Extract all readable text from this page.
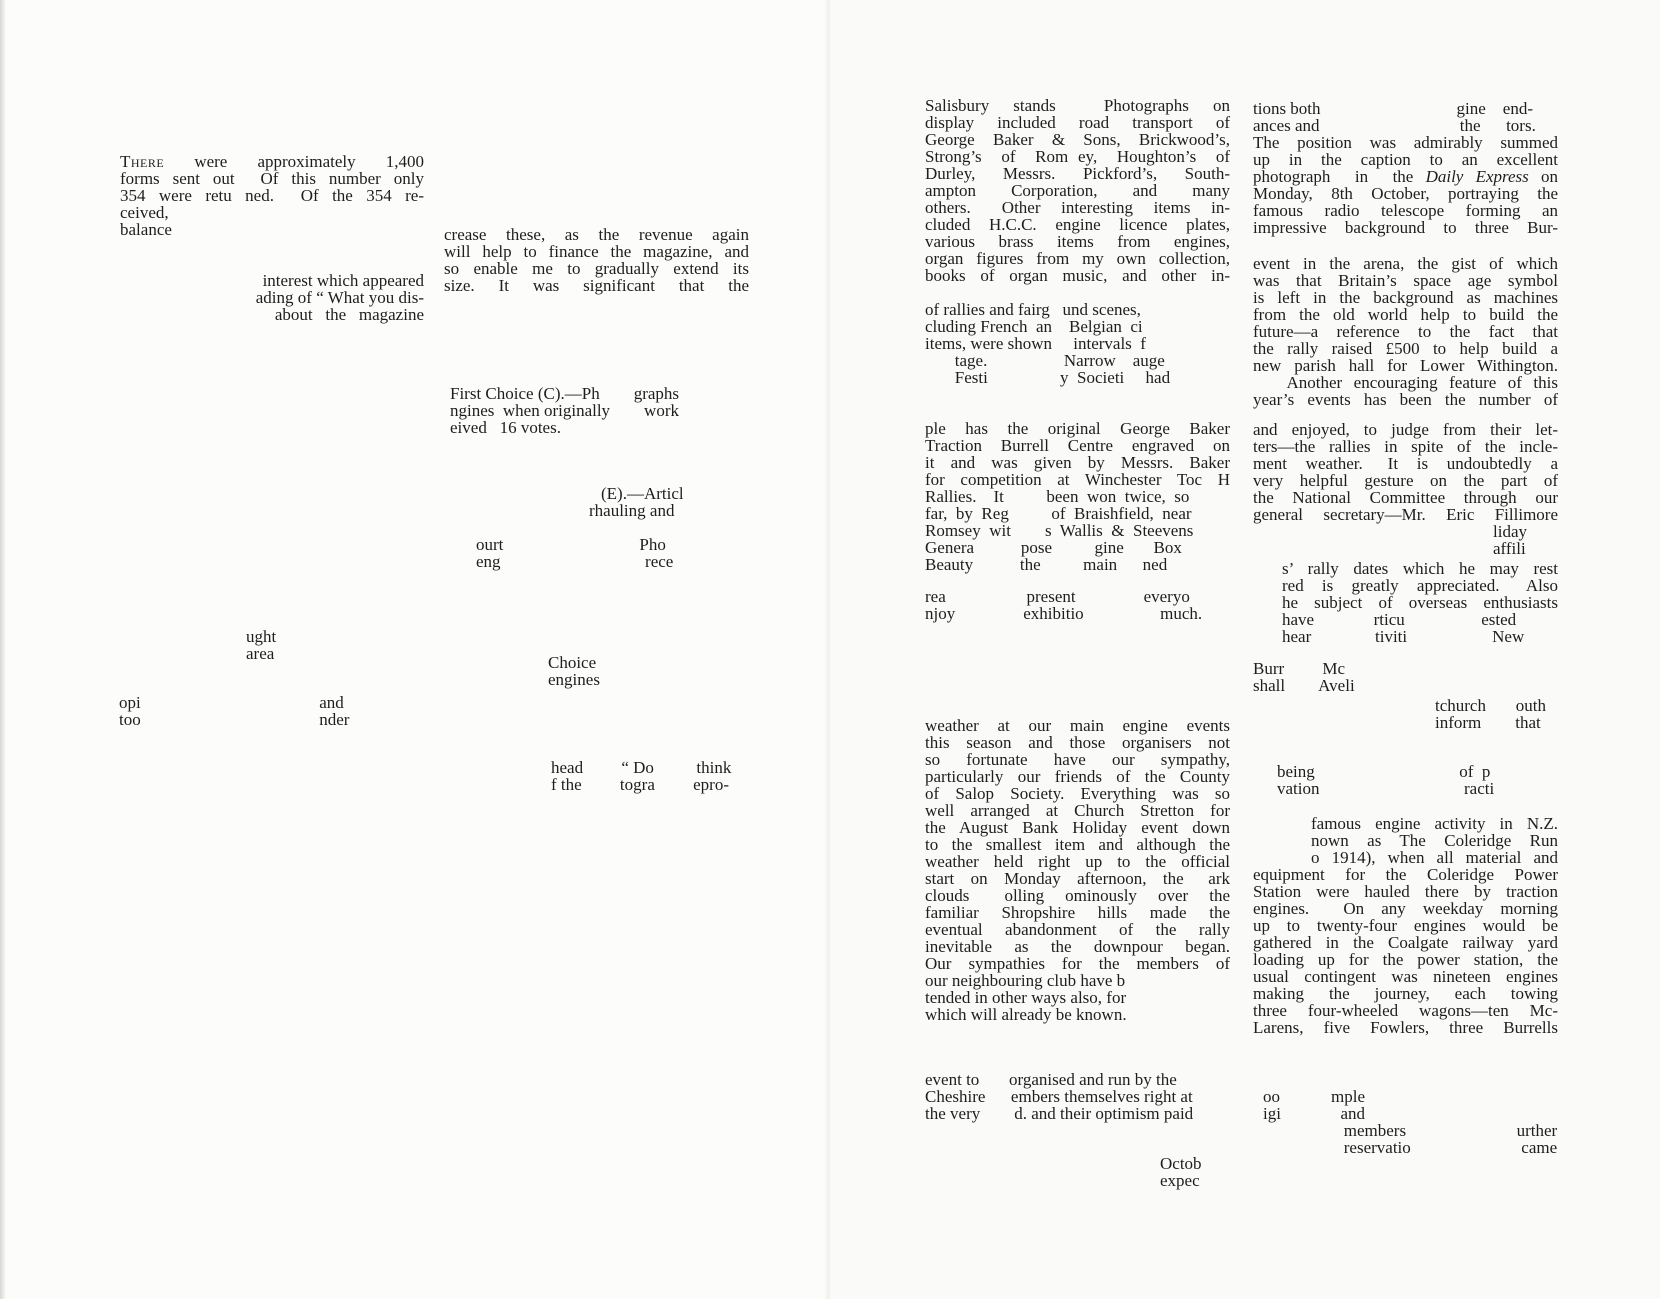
There were approximately 1,400
forms sent out  Of this number only
354 were retu ned.  Of the 354 re-
ceived,
balance
interest which appeared
ading of “ What you dis-
about   the   magazine
ught
area
opi                                          and
too                                          nder
crease these, as the revenue again
will help to finance the magazine, and
so enable me to gradually extend its
size.  It  was  significant  that  the
First Choice (C).—Ph        graphs
ngines  when originally        work
eived   16 votes.
(E).—Articl
rhauling and
ourt                                Pho
eng                                  rece
Choice
engines
head         “ Do          think
f the         togra         epro-
Salisbury  stands    Photographs  on
display  included  road  transport  of
George  Baker  &  Sons,  Brickwood’s,
Strong’s  of  Rom ey,  Houghton’s  of
Durley,  Messrs.  Pickford’s,  South-
ampton    Corporation,    and    many
others.   Other  interesting  items  in-
cluded  H.C.C.  engine  licence  plates,
various   brass   items   from   engines,
organ figures from my own collection,
books of organ music, and other in-
of rallies and fairg   und scenes,
cluding French  an    Belgian  ci
items, were shown     intervals  f
tage.                  Narrow    auge
Festi                 y  Societi     had
ple  has  the  original  George  Baker
Traction  Burrell  Centre  engraved  on
it  and  was  given  by  Messrs.  Baker
for  competition  at  Winchester  Toc  H
Rallies.    It          been  won  twice,  so
far,  by  Reg          of  Braishfield,  near
Romsey  wit        s  Wallis  &  Steevens
Genera           pose          gine       Box
Beauty           the          main      ned
rea                   present                everyo
njoy                exhibitio                  much.
weather  at  our  main  engine  events
this  season  and  those  organisers  not
so   fortunate   have   our   sympathy,
particularly our friends of the County
of  Salop  Society.  Everything  was  so
well  arranged  at  Church  Stretton  for
the August Bank Holiday event down
to  the  smallest  item  and  although  the
weather  held  right  up  to  the  official
start  on  Monday  afternoon,  the   ark
clouds     olling   ominously   over   the
familiar   Shropshire   hills   made   the
eventual   abandonment   of   the   rally
inevitable   as   the   downpour   began.
Our  sympathies  for  the  members  of
our neighbouring club have b
tended in other ways also, for
which will already be known.
event to       organised and run by the
Cheshire      embers themselves right at
the very        d. and their optimism paid
Octob
expec
tions both                                gine    end-
ances and                                 the      tors.
The  position  was  admirably  summed
up   in   the   caption   to   an   excellent
photograph  in  the Daily Express on
Monday,  8th  October,  portraying  the
famous  radio  telescope  forming  an
impressive background to three Bur-
event  in  the  arena,  the  gist  of  which
was  that  Britain’s  space  age  symbol
is  left  in  the  background  as  machines
from  the  old  world  help  to  build  the
future—a  reference  to  the  fact  that
the  rally  raised  £500  to  help  build  a
new parish hall for Lower Withington.
Another encouraging feature of this
year’s events has been the number of
and enjoyed, to judge from their let-
ters—the  rallies  in  spite  of  the  incle-
ment   weather.    It   is   undoubtedly   a
very  helpful  gesture  on  the  part  of
the  National  Committee  through  our
general secretary—Mr. Eric Fillimore
liday
affili
s’ rally dates which he may rest
red  is  greatly  appreciated.   Also
he  subject  of  overseas  enthusiasts
have              rticu                  ested
hear               tiviti                    New
Burr         Mc
shall        Aveli
tchurch       outh
inform        that
being                                  of  p
vation                                  racti
famous engine activity in N.Z.
nown  as  The  Coleridge  Run
o 1914), when all material and
equipment  for  the  Coleridge  Power
Station  were  hauled  there  by  traction
engines.    On  any  weekday  morning
up  to  twenty-four  engines  would  be
gathered  in  the  Coalgate  railway  yard
loading  up  for  the  power  station,  the
usual contingent was nineteen engines
making    the    journey,    each    towing
three  four-wheeled  wagons—ten  Mc-
Larens,  five  Fowlers,  three  Burrells
oo            mple
igi              and
members                          urther
reservatio                          came
